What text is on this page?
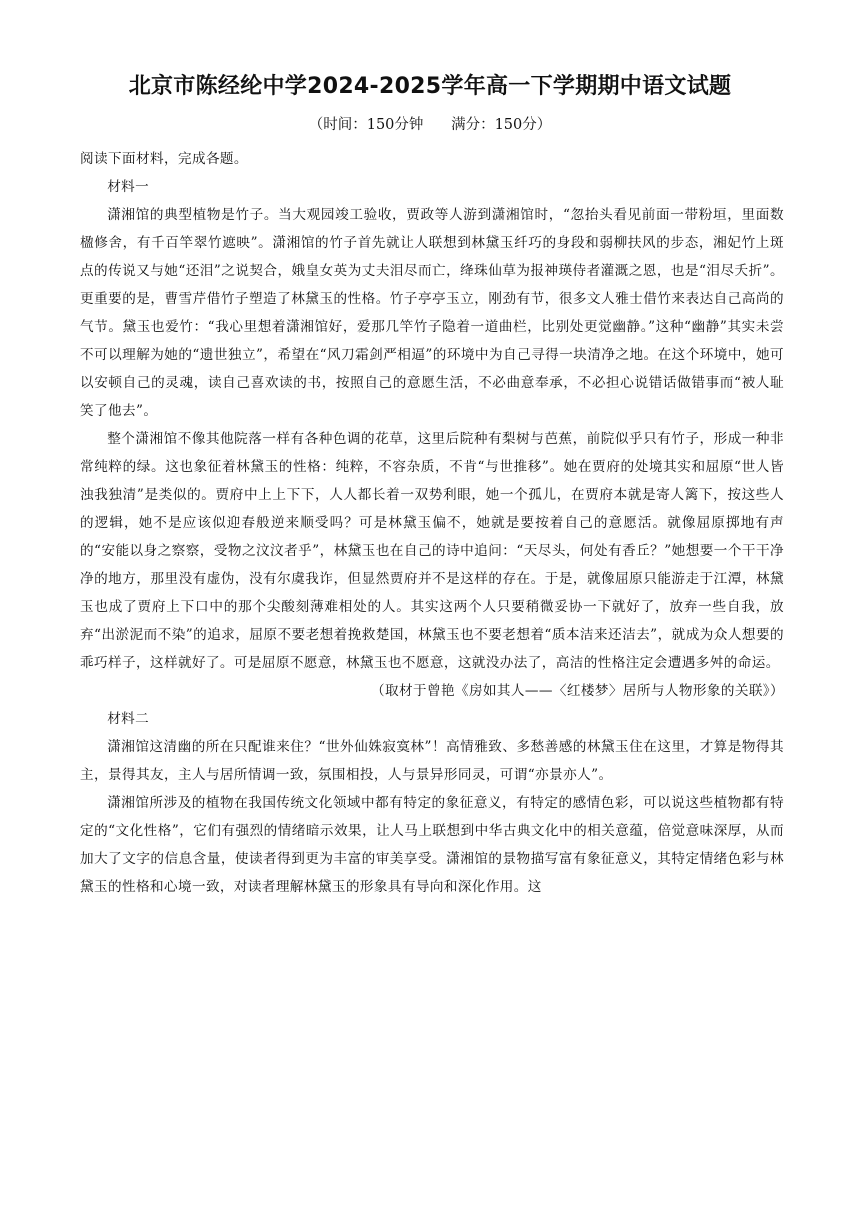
北京市陈经纶中学2024-2025学年高一下学期期中语文试题
（时间：150分钟      满分：150分）

阅读下面材料，完成各题。

材料一

潇湘馆的典型植物是竹子。当大观园竣工验收，贾政等人游到潇湘馆时，“忽抬头看见前面一带粉垣，里面数楹修舍，有千百竿翠竹遮映”。潇湘馆的竹子首先就让人联想到林黛玉纤巧的身段和弱柳扶风的步态，湘妃竹上斑点的传说又与她“还泪”之说契合，娥皇女英为丈夫泪尽而亡，绛珠仙草为报神瑛侍者灌溉之恩，也是“泪尽夭折”。更重要的是，曹雪芹借竹子塑造了林黛玉的性格。竹子亭亭玉立，刚劲有节，很多文人雅士借竹来表达自己高尚的气节。黛玉也爱竹：“我心里想着潇湘馆好，爱那几竿竹子隐着一道曲栏，比别处更觉幽静。”这种“幽静”其实未尝不可以理解为她的“遗世独立”，希望在“风刀霜剑严相逼”的环境中为自己寻得一块清净之地。在这个环境中，她可以安顿自己的灵魂，读自己喜欢读的书，按照自己的意愿生活，不必曲意奉承，不必担心说错话做错事而“被人耻笑了他去”。

整个潇湘馆不像其他院落一样有各种色调的花草，这里后院种有梨树与芭蕉，前院似乎只有竹子，形成一种非常纯粹的绿。这也象征着林黛玉的性格：纯粹，不容杂质，不肯“与世推移”。她在贾府的处境其实和屈原“世人皆浊我独清”是类似的。贾府中上上下下，人人都长着一双势利眼，她一个孤儿，在贾府本就是寄人篱下，按这些人的逻辑，她不是应该似迎春般逆来顺受吗？可是林黛玉偏不，她就是要按着自己的意愿活。就像屈原掷地有声的“安能以身之察察，受物之汶汶者乎”，林黛玉也在自己的诗中追问：“天尽头，何处有香丘？”她想要一个干干净净的地方，那里没有虚伪，没有尔虞我诈，但显然贾府并不是这样的存在。于是，就像屈原只能游走于江潭，林黛玉也成了贾府上下口中的那个尖酸刻薄难相处的人。其实这两个人只要稍微妥协一下就好了，放弃一些自我，放弃“出淤泥而不染”的追求，屈原不要老想着挽救楚国，林黛玉也不要老想着“质本洁来还洁去”，就成为众人想要的乖巧样子，这样就好了。可是屈原不愿意，林黛玉也不愿意，这就没办法了，高洁的性格注定会遭遇多舛的命运。

（取材于曾艳《房如其人——〈红楼梦〉居所与人物形象的关联》）

材料二

潇湘馆这清幽的所在只配谁来住？“世外仙姝寂寞林”！高情雅致、多愁善感的林黛玉住在这里，才算是物得其主，景得其友，主人与居所情调一致，氛围相投，人与景异形同灵，可谓“亦景亦人”。

潇湘馆所涉及的植物在我国传统文化领域中都有特定的象征意义，有特定的感情色彩，可以说这些植物都有特定的“文化性格”，它们有强烈的情绪暗示效果，让人马上联想到中华古典文化中的相关意蕴，倍觉意味深厚，从而加大了文字的信息含量，使读者得到更为丰富的审美享受。潇湘馆的景物描写富有象征意义，其特定情绪色彩与林黛玉的性格和心境一致，对读者理解林黛玉的形象具有导向和深化作用。这
